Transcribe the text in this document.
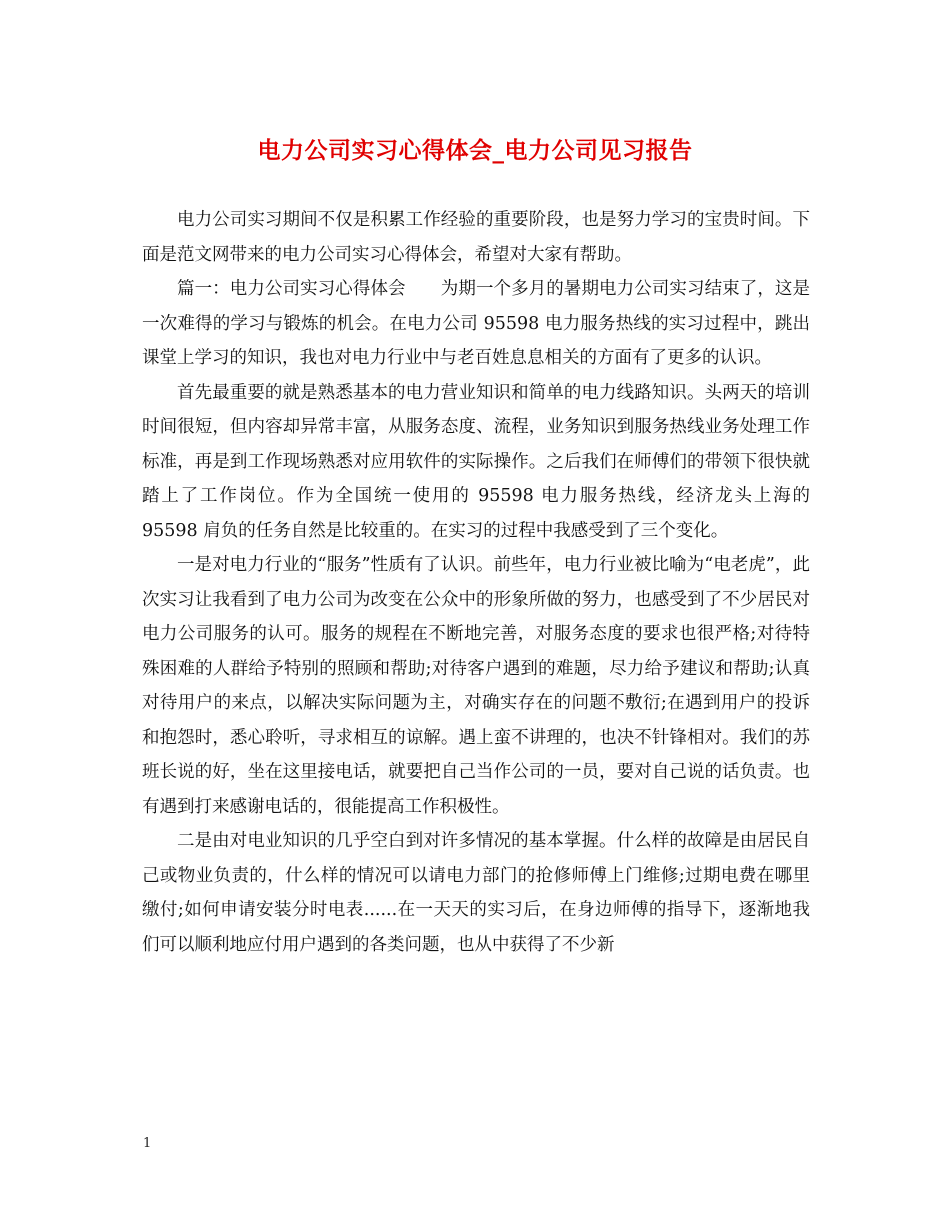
电力公司实习心得体会_电力公司见习报告

电力公司实习期间不仅是积累工作经验的重要阶段，也是努力学习的宝贵时间。下面是范文网带来的电力公司实习心得体会，希望对大家有帮助。

篇一：电力公司实习心得体会　　为期一个多月的暑期电力公司实习结束了，这是一次难得的学习与锻炼的机会。在电力公司 95598 电力服务热线的实习过程中，跳出课堂上学习的知识，我也对电力行业中与老百姓息息相关的方面有了更多的认识。

首先最重要的就是熟悉基本的电力营业知识和简单的电力线路知识。头两天的培训时间很短，但内容却异常丰富，从服务态度、流程，业务知识到服务热线业务处理工作标准，再是到工作现场熟悉对应用软件的实际操作。之后我们在师傅们的带领下很快就踏上了工作岗位。作为全国统一使用的 95598 电力服务热线，经济龙头上海的 95598 肩负的任务自然是比较重的。在实习的过程中我感受到了三个变化。

一是对电力行业的“服务”性质有了认识。前些年，电力行业被比喻为“电老虎”，此次实习让我看到了电力公司为改变在公众中的形象所做的努力，也感受到了不少居民对电力公司服务的认可。服务的规程在不断地完善，对服务态度的要求也很严格;对待特殊困难的人群给予特别的照顾和帮助;对待客户遇到的难题，尽力给予建议和帮助;认真对待用户的来点，以解决实际问题为主，对确实存在的问题不敷衍;在遇到用户的投诉和抱怨时，悉心聆听，寻求相互的谅解。遇上蛮不讲理的，也决不针锋相对。我们的苏班长说的好，坐在这里接电话，就要把自己当作公司的一员，要对自己说的话负责。也有遇到打来感谢电话的，很能提高工作积极性。

二是由对电业知识的几乎空白到对许多情况的基本掌握。什么样的故障是由居民自己或物业负责的，什么样的情况可以请电力部门的抢修师傅上门维修;过期电费在哪里缴付;如何申请安装分时电表......在一天天的实习后，在身边师傅的指导下，逐渐地我们可以顺利地应付用户遇到的各类问题，也从中获得了不少新

1
